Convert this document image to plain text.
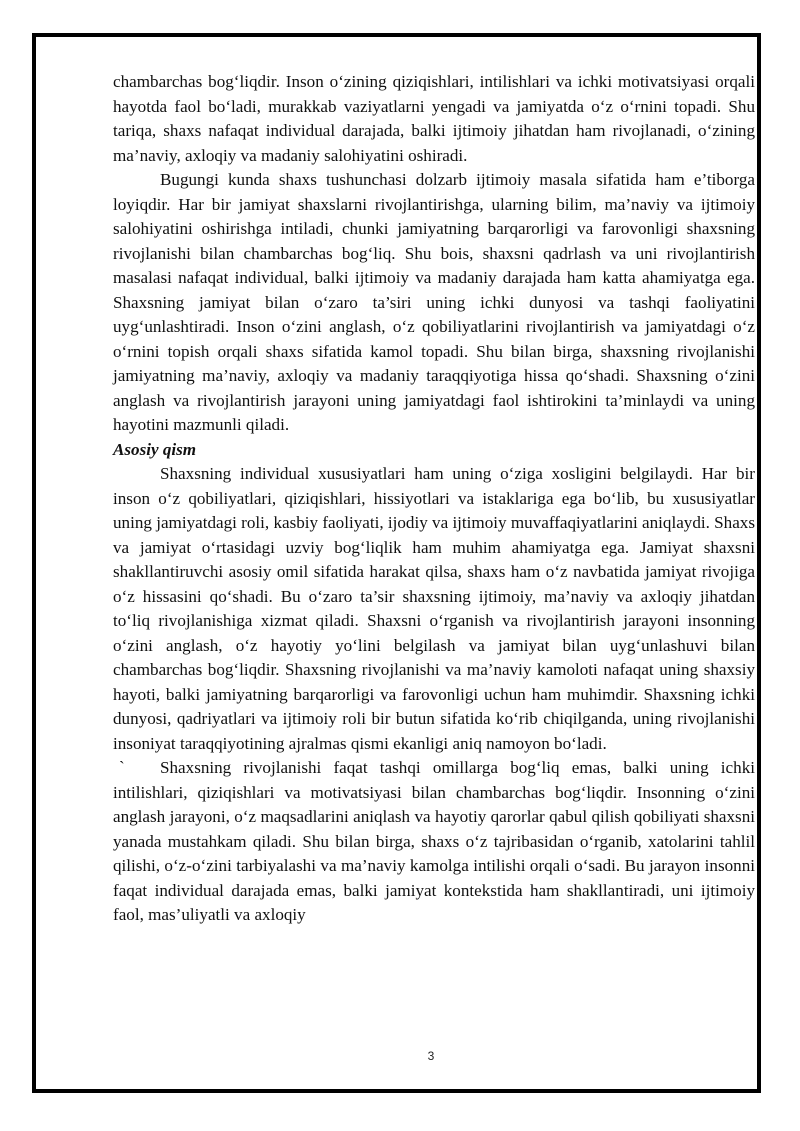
chambarchas bog‘liqdir. Inson o‘zining qiziqishlari, intilishlari va ichki motivatsiyasi orqali hayotda faol bo‘ladi, murakkab vaziyatlarni yengadi va jamiyatda o‘z o‘rnini topadi. Shu tariqa, shaxs nafaqat individual darajada, balki ijtimoiy jihatdan ham rivojlanadi, o‘zining ma’naviy, axloqiy va madaniy salohiyatini oshiradi.

Bugungi kunda shaxs tushunchasi dolzarb ijtimoiy masala sifatida ham e’tiborga loyiqdir. Har bir jamiyat shaxslarni rivojlantirishga, ularning bilim, ma’naviy va ijtimoiy salohiyatini oshirishga intiladi, chunki jamiyatning barqarorligi va farovonligi shaxsning rivojlanishi bilan chambarchas bog‘liq. Shu bois, shaxsni qadrlash va uni rivojlantirish masalasi nafaqat individual, balki ijtimoiy va madaniy darajada ham katta ahamiyatga ega. Shaxsning jamiyat bilan o‘zaro ta’siri uning ichki dunyosi va tashqi faoliyatini uyg‘unlashtiradi. Inson o‘zini anglash, o‘z qobiliyatlarini rivojlantirish va jamiyatdagi o‘z o‘rnini topish orqali shaxs sifatida kamol topadi. Shu bilan birga, shaxsning rivojlanishi jamiyatning ma’naviy, axloqiy va madaniy taraqqiyotiga hissa qo‘shadi. Shaxsning o‘zini anglash va rivojlantirish jarayoni uning jamiyatdagi faol ishtirokini ta’minlaydi va uning hayotini mazmunli qiladi.

Asosiy qism

Shaxsning individual xususiyatlari ham uning o‘ziga xosligini belgilaydi. Har bir inson o‘z qobiliyatlari, qiziqishlari, hissiyotlari va istaklariga ega bo‘lib, bu xususiyatlar uning jamiyatdagi roli, kasbiy faoliyati, ijodiy va ijtimoiy muvaffaqiyatlarini aniqlaydi. Shaxs va jamiyat o‘rtasidagi uzviy bog‘liqlik ham muhim ahamiyatga ega. Jamiyat shaxsni shakllantiruvchi asosiy omil sifatida harakat qilsa, shaxs ham o‘z navbatida jamiyat rivojiga o‘z hissasini qo‘shadi. Bu o‘zaro ta’sir shaxsning ijtimoiy, ma’naviy va axloqiy jihatdan to‘liq rivojlanishiga xizmat qiladi. Shaxsni o‘rganish va rivojlantirish jarayoni insonning o‘zini anglash, o‘z hayotiy yo‘lini belgilash va jamiyat bilan uyg‘unlashuvi bilan chambarchas bog‘liqdir. Shaxsning rivojlanishi va ma’naviy kamoloti nafaqat uning shaxsiy hayoti, balki jamiyatning barqarorligi va farovonligi uchun ham muhimdir. Shaxsning ichki dunyosi, qadriyatlari va ijtimoiy roli bir butun sifatida ko‘rib chiqilganda, uning rivojlanishi insoniyat taraqqiyotining ajralmas qismi ekanligi aniq namoyon bo‘ladi.

` Shaxsning rivojlanishi faqat tashqi omillarga bog‘liq emas, balki uning ichki intilishlari, qiziqishlari va motivatsiyasi bilan chambarchas bog‘liqdir. Insonning o‘zini anglash jarayoni, o‘z maqsadlarini aniqlash va hayotiy qarorlar qabul qilish qobiliyati shaxsni yanada mustahkam qiladi. Shu bilan birga, shaxs o‘z tajribasidan o‘rganib, xatolarini tahlil qilishi, o‘z-o‘zini tarbiyalashi va ma’naviy kamolga intilishi orqali o‘sadi. Bu jarayon insonni faqat individual darajada emas, balki jamiyat kontekstida ham shakllantiradi, uni ijtimoiy faol, mas’uliyatli va axloqiy

3
